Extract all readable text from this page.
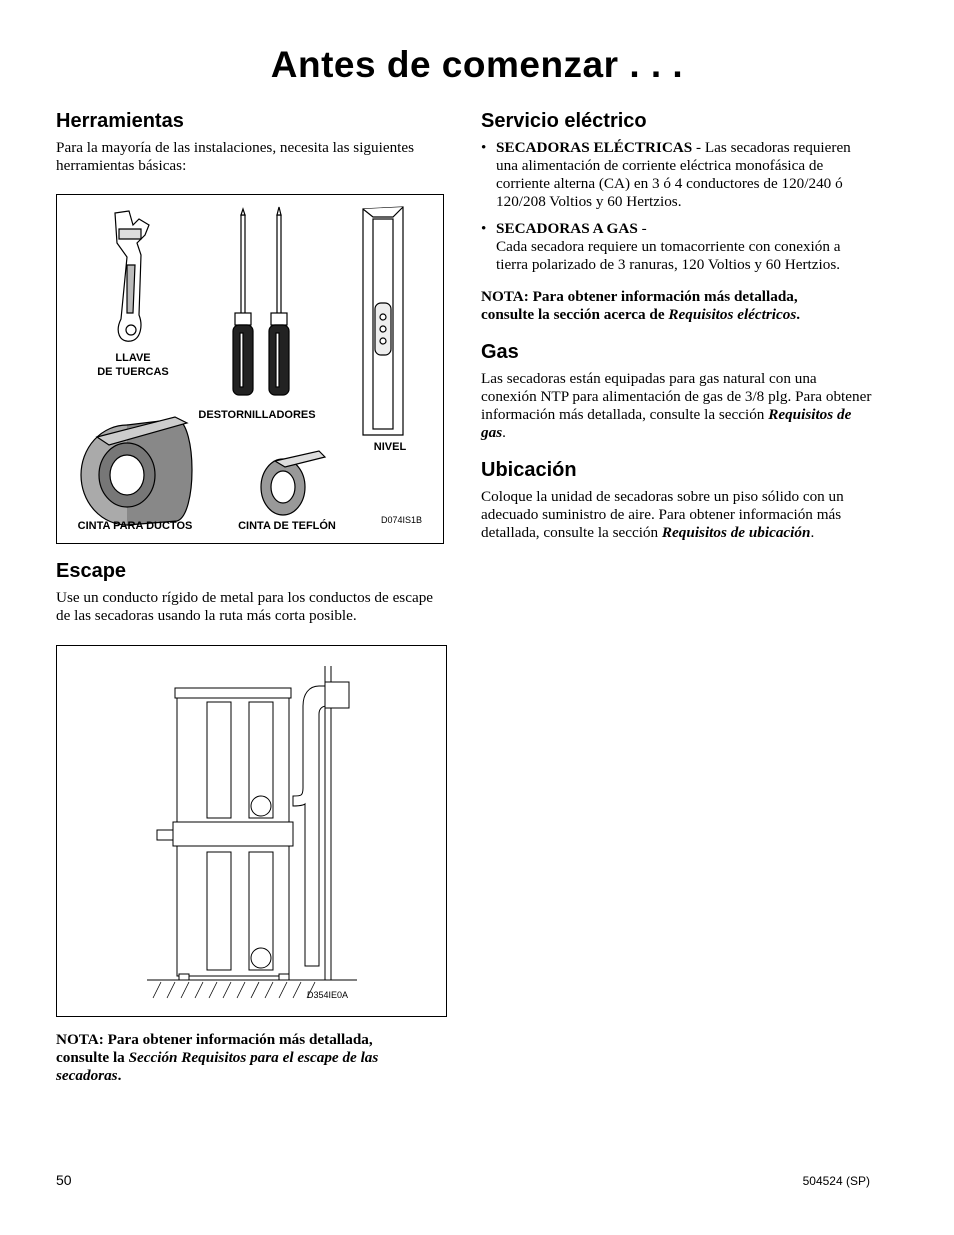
Antes de comenzar . . .
Herramientas

Para la mayoría de las instalaciones, necesita las siguientes herramientas básicas:

LLAVE
DE TUERCAS
DESTORNILLADORES
NIVEL
CINTA PARA DUCTOS	CINTA DE TEFLÓN	D074IS1B
Escape

Use un conducto rígido de metal para los conductos de escape de las secadoras usando la ruta más corta posible.

D354IE0A

NOTA: Para obtener información más detallada,
consulte la Sección Requisitos para el escape de las secadoras.

Servicio eléctrico
• SECADORAS ELÉCTRICAS - Las secadoras requieren una alimentación de corriente eléctrica monofásica de corriente alterna (CA) en 3 ó 4 conductores de 120/240 ó 120/208 Voltios y 60 Hertzios.
• SECADORAS A GAS -
Cada secadora requiere un tomacorriente con conexión a tierra polarizado de 3 ranuras, 120 Voltios y 60 Hertzios.

NOTA: Para obtener información más detallada,
consulte la sección acerca de Requisitos eléctricos.

Gas

Las secadoras están equipadas para gas natural con una conexión NTP para alimentación de gas de 3/8 plg. Para obtener información más detallada, consulte la sección Requisitos de gas.

Ubicación

Coloque la unidad de secadoras sobre un piso sólido con un adecuado suministro de aire. Para obtener información más detallada, consulte la sección Requisitos de ubicación.

50	504524 (SP)
